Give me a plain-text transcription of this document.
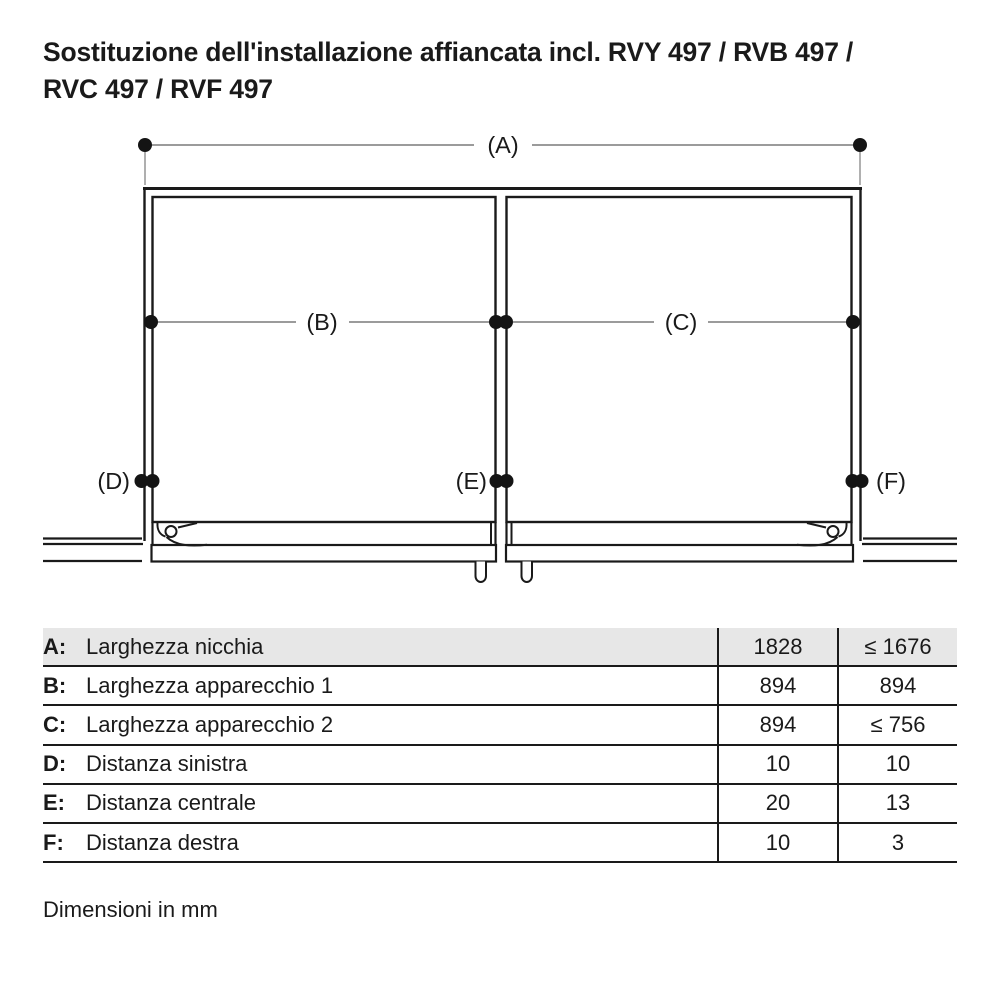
Sostituzione dell'installazione affiancata incl. RVY 497 / RVB 497 /
RVC 497 / RVF 497
(A)
(B)	(C)
(D)	(E)	(F)
A: Larghezza nicchia	1828	≤ 1676
B: Larghezza apparecchio 1	894	894
C: Larghezza apparecchio 2	894	≤ 756
D: Distanza sinistra	10	10
E: Distanza centrale	20	13
F:	Distanza destra	10	3
Dimensioni in mm
